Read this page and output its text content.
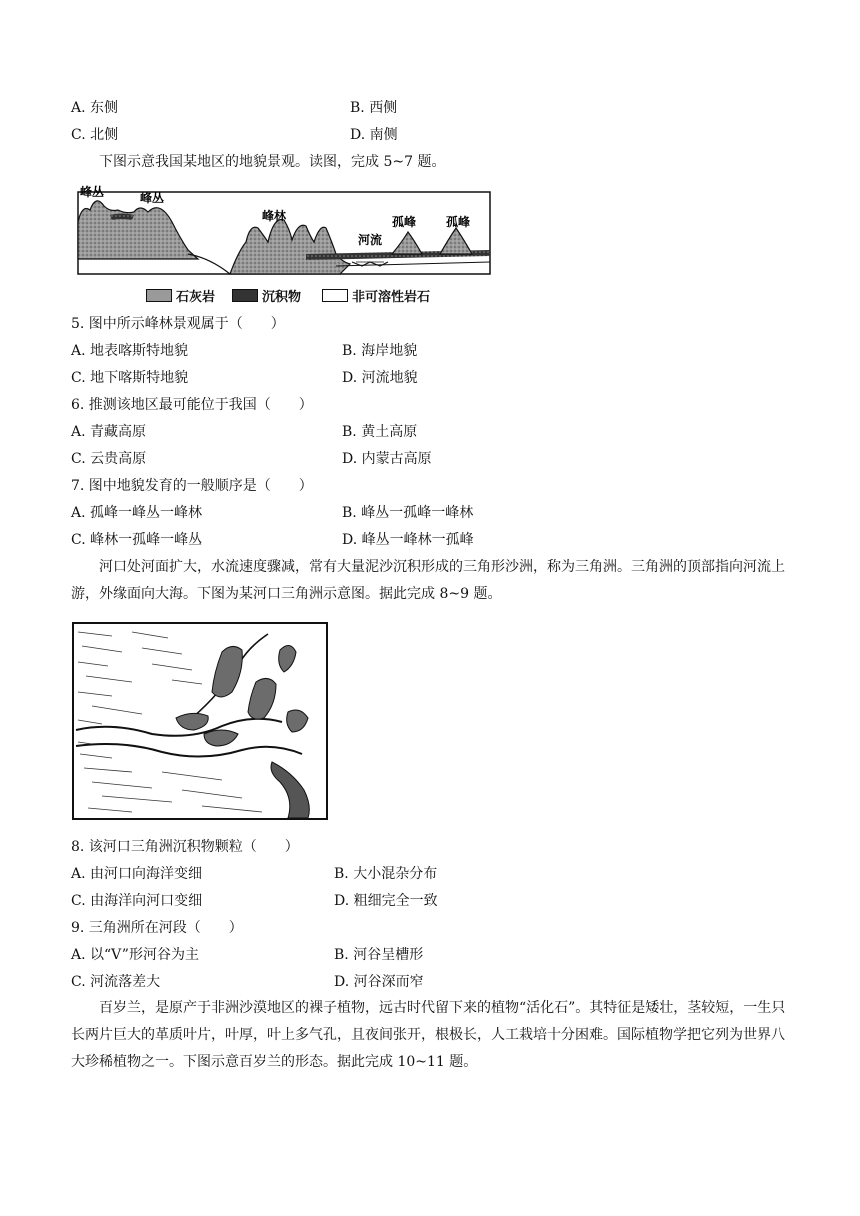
A. 东侧	B. 西侧
C. 北侧	D. 南侧
下图示意我国某地区的地貌景观。读图，完成 5~7 题。
峰丛	峰丛
峰林
河流
孤峰 孤峰
石灰岩	沉积物	非可溶性岩石
5. 图中所示峰林景观属于（　　）
A. 地表喀斯特地貌	B. 海岸地貌
C. 地下喀斯特地貌	D. 河流地貌
6. 推测该地区最可能位于我国（　　）
A. 青藏高原	B. 黄土高原
C. 云贵高原	D. 内蒙古高原
7. 图中地貌发育的一般顺序是（　　）
A. 孤峰一峰丛一峰林	B. 峰丛一孤峰一峰林
C. 峰林一孤峰一峰丛	D. 峰丛一峰林一孤峰
河口处河面扩大，水流速度骤减，常有大量泥沙沉积形成的三角形沙洲，称为三角洲。三角洲的顶部指向河流上游，外缘面向大海。下图为某河口三角洲示意图。据此完成 8~9 题。
8. 该河口三角洲沉积物颗粒（　　）
A. 由河口向海洋变细	B. 大小混杂分布
C. 由海洋向河口变细	D. 粗细完全一致
9. 三角洲所在河段（　　）
A. 以“V”形河谷为主	B. 河谷呈槽形
C. 河流落差大	D. 河谷深而窄
百岁兰，是原产于非洲沙漠地区的裸子植物，远古时代留下来的植物“活化石”。其特征是矮壮，茎较短，一生只长两片巨大的革质叶片，叶厚，叶上多气孔，且夜间张开，根极长，人工栽培十分困难。国际植物学把它列为世界八大珍稀植物之一。下图示意百岁兰的形态。据此完成 10~11 题。
